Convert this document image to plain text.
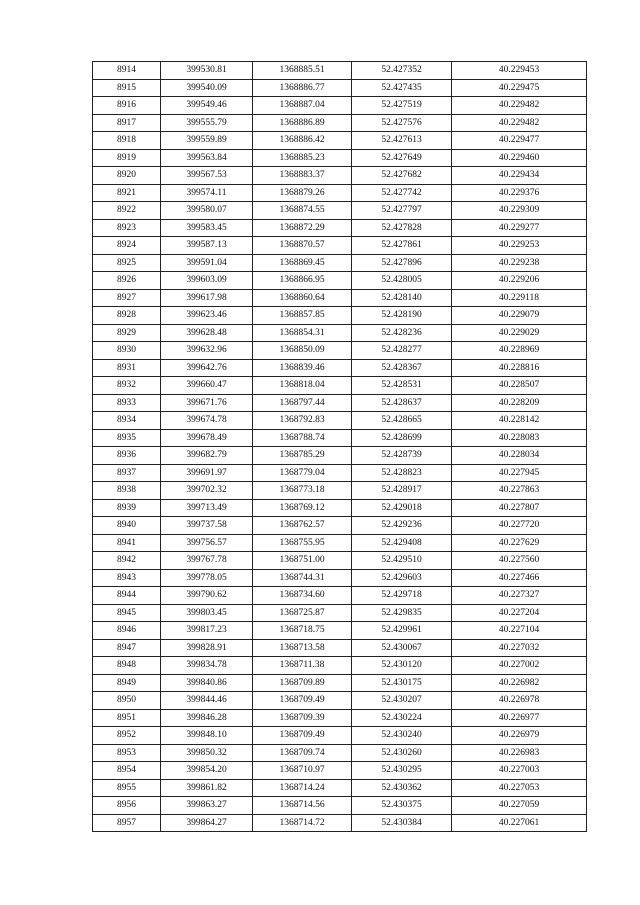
8914	399530.81	1368885.51	52.427352	40.229453
8915	399540.09	1368886.77	52.427435	40.229475
8916	399549.46	1368887.04	52.427519	40.229482
8917	399555.79	1368886.89	52.427576	40.229482
8918	399559.89	1368886.42	52.427613	40.229477
8919	399563.84	1368885.23	52.427649	40.229460
8920	399567.53	1368883.37	52.427682	40.229434
8921	399574.11	1368879.26	52.427742	40.229376
8922	399580.07	1368874.55	52.427797	40.229309
8923	399583.45	1368872.29	52.427828	40.229277
8924	399587.13	1368870.57	52.427861	40.229253
8925	399591.04	1368869.45	52.427896	40.229238
8926	399603.09	1368866.95	52.428005	40.229206
8927	399617.98	1368860.64	52.428140	40.229118
8928	399623.46	1368857.85	52.428190	40.229079
8929	399628.48	1368854.31	52.428236	40.229029
8930	399632.96	1368850.09	52.428277	40.228969
8931	399642.76	1368839.46	52.428367	40.228816
8932	399660.47	1368818.04	52.428531	40.228507
8933	399671.76	1368797.44	52.428637	40.228209
8934	399674.78	1368792.83	52.428665	40.228142
8935	399678.49	1368788.74	52.428699	40.228083
8936	399682.79	1368785.29	52.428739	40.228034
8937	399691.97	1368779.04	52.428823	40.227945
8938	399702.32	1368773.18	52.428917	40.227863
8939	399713.49	1368769.12	52.429018	40.227807
8940	399737.58	1368762.57	52.429236	40.227720
8941	399756.57	1368755.95	52.429408	40.227629
8942	399767.78	1368751.00	52.429510	40.227560
8943	399778.05	1368744.31	52.429603	40.227466
8944	399790.62	1368734.60	52.429718	40.227327
8945	399803.45	1368725.87	52.429835	40.227204
8946	399817.23	1368718.75	52.429961	40.227104
8947	399828.91	1368713.58	52.430067	40.227032
8948	399834.78	1368711.38	52.430120	40.227002
8949	399840.86	1368709.89	52.430175	40.226982
8950	399844.46	1368709.49	52.430207	40.226978
8951	399846.28	1368709.39	52.430224	40.226977
8952	399848.10	1368709.49	52.430240	40.226979
8953	399850.32	1368709.74	52.430260	40.226983
8954	399854.20	1368710.97	52.430295	40.227003
8955	399861.82	1368714.24	52.430362	40.227053
8956	399863.27	1368714.56	52.430375	40.227059
8957	399864.27	1368714.72	52.430384	40.227061
